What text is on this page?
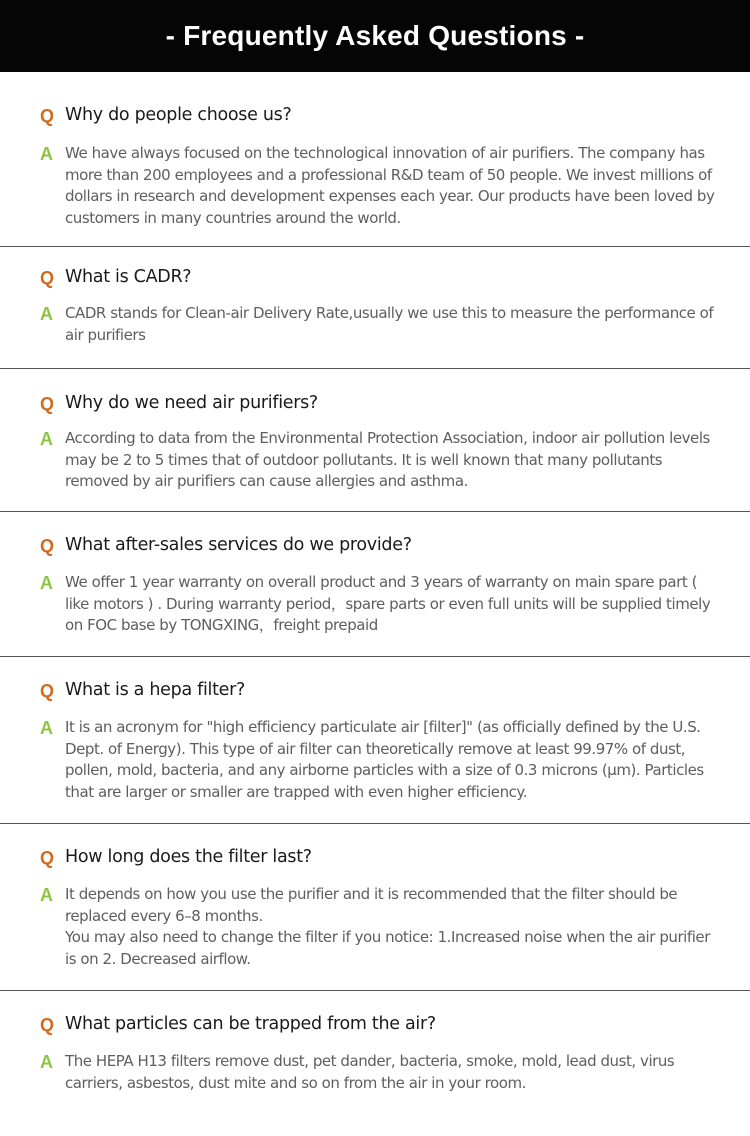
- Frequently Asked Questions -
Q Why do people choose us?
A We have always focused on the technological innovation of air purifiers. The company has more than 200 employees and a professional R&D team of 50 people. We invest millions of dollars in research and development expenses each year. Our products have been loved by customers in many countries around the world.
Q What is CADR?
A CADR stands for Clean-air Delivery Rate,usually we use this to measure the performance of air purifiers
Q Why do we need air purifiers?
A According to data from the Environmental Protection Association, indoor air pollution levels may be 2 to 5 times that of outdoor pollutants. It is well known that many pollutants removed by air purifiers can cause allergies and asthma.
Q What after-sales services do we provide?
A We offer 1 year warranty on overall product and 3 years of warranty on main spare part ( like motors ) . During warranty period，spare parts or even full units will be supplied timely on FOC base by TONGXING，freight prepaid
Q What is a hepa filter?
A It is an acronym for "high efficiency particulate air [filter]" (as officially defined by the U.S. Dept. of Energy). This type of air filter can theoretically remove at least 99.97% of dust, pollen, mold, bacteria, and any airborne particles with a size of 0.3 microns (µm). Particles that are larger or smaller are trapped with even higher efficiency.
Q How long does the filter last?
A It depends on how you use the purifier and it is recommended that the filter should be replaced every 6–8 months.
You may also need to change the filter if you notice: 1.Increased noise when the air purifier is on 2. Decreased airflow.
Q What particles can be trapped from the air?
A The HEPA H13 filters remove dust, pet dander, bacteria, smoke, mold, lead dust, virus carriers, asbestos, dust mite and so on from the air in your room.
